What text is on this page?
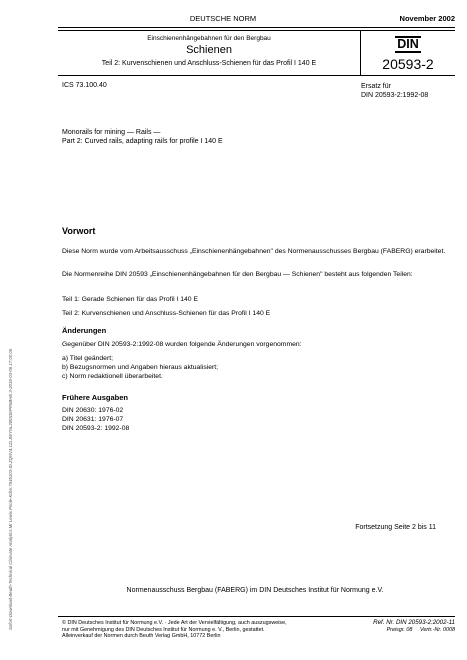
DEUTSCHE NORM	November 2002
Einschienenhängebahnen für den Bergbau
Schienen
Teil 2: Kurvenschienen und Anschluss-Schienen für das Profil I 140 E
DIN
20593-2
ICS 73.100.40	Ersatz für
DIN 20593-2:1992-08
Monorails for mining — Rails —
Part 2: Curved rails, adapting rails for profile I 140 E
Vorwort
Diese Norm wurde vom Arbeitsausschuss „Einschienenhängebahnen" des Normenausschusses Bergbau (FABERG) erarbeitet.
Die Normenreihe DIN 20593 „Einschienenhängebahnen für den Bergbau — Schienen" besteht aus folgenden Teilen:
Teil 1: Gerade Schienen für das Profil I 140 E
Teil 2: Kurvenschienen und Anschluss-Schienen für das Profil I 140 E
Änderungen
Gegenüber DIN 20593-2:1992-08 wurden folgende Änderungen vorgenommen:
a) Titel geändert;
b) Bezugsnormen und Angaben hieraus aktualisiert;
c) Norm redaktionell überarbeitet.
Frühere Ausgaben
DIN 20630: 1976-02
DIN 20631: 1976-07
DIN 20593-2: 1992-08
Fortsetzung Seite 2 bis 11
Normenausschuss Bergbau (FABERG) im DIN Deutsches Institut für Normung e.V.
© DIN Deutsches Institut für Normung e.V. · Jede Art der Vervielfältigung, auch auszugsweise,
nur mit Genehmigung des DIN Deutsches Institut für Normung e. V., Berlin, gestattet.
Alleinverkauf der Normen durch Beuth Verlag GmbH, 10772 Berlin
Ref. Nr. DIN 20593-2:2002-11
Preisgr. 08 Vertr.-Nr. 0008
Sofort-Download-Beuth-Technical Clairvate Analytics Mr Lewis Poole-KdNr.7545103-ID.ZQNV4.1ZLJWYNL2BODEPR5BHE.3-2018-03-06 17:00:05
